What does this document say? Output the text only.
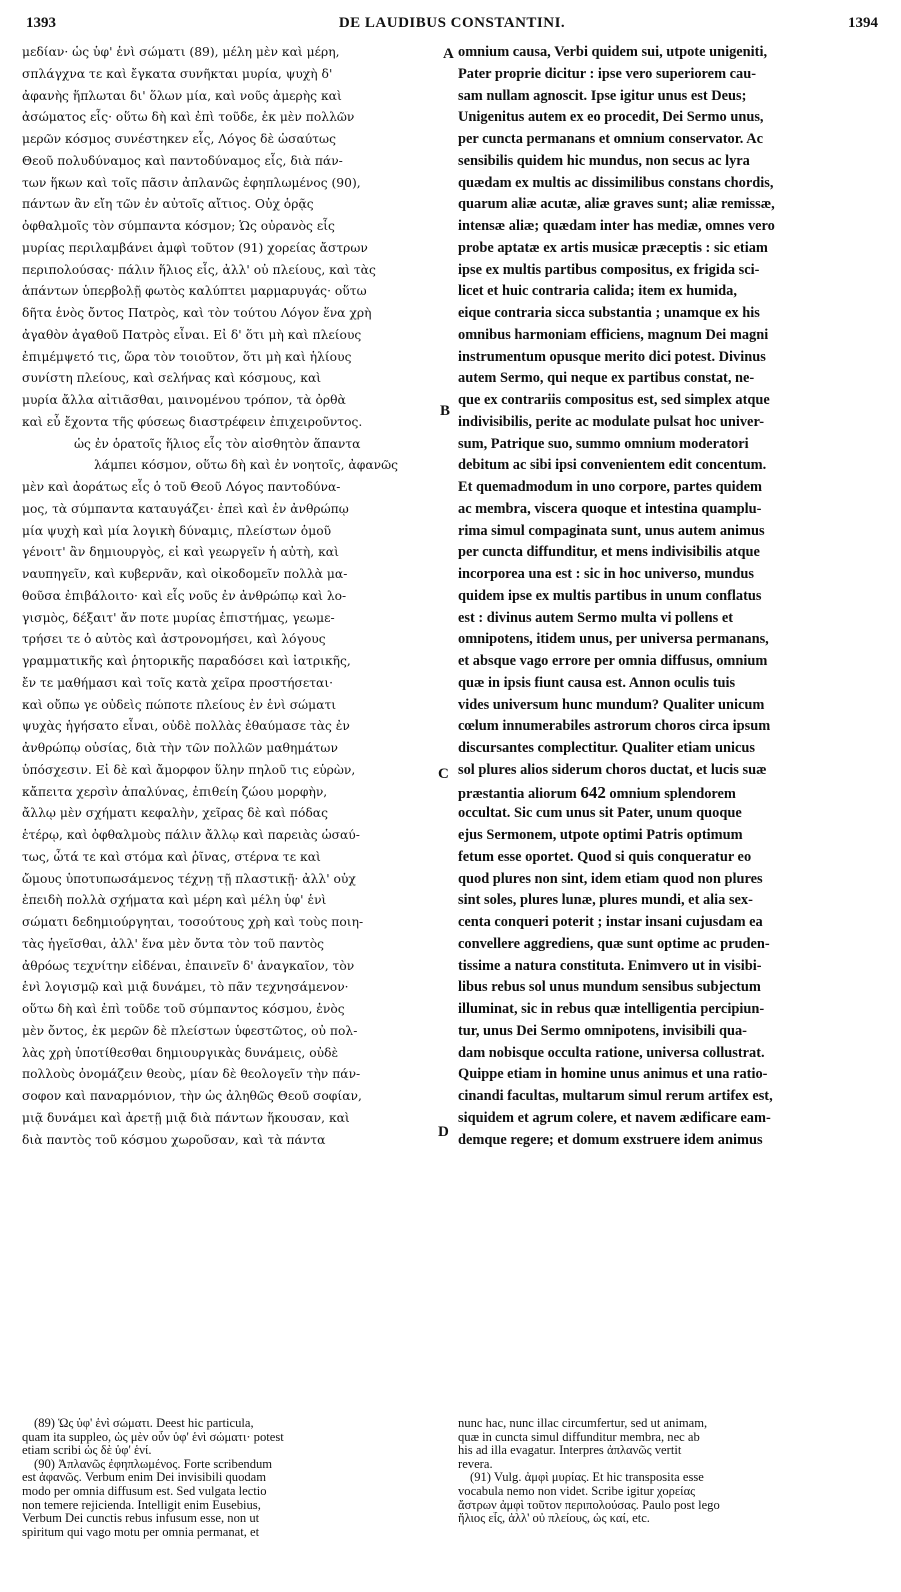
1393	DE LAUDIBUS CONSTANTINI.	1394
μεδίαν· ὡς ὑφ' ἑνὶ σώματι (89), μέλη μὲν καὶ μέρη,
σπλάγχνα τε καὶ ἔγκατα συνῆκται μυρία, ψυχὴ δ'
ἀφανὴς ἥπλωται δι' ὅλων μία, καὶ νοῦς ἀμερὴς καὶ
ἀσώματος εἷς· οὕτω δὴ καὶ ἐπὶ τοῦδε, ἐκ μὲν πολλῶν
μερῶν κόσμος συνέστηκεν εἷς, Λόγος δὲ ὡσαύτως
Θεοῦ πολυδύναμος καὶ παντοδύναμος εἷς, διὰ πάν-
των ἥκων καὶ τοῖς πᾶσιν ἀπλανῶς ἐφηπλωμένος (90),
πάντων ἂν εἴη τῶν ἐν αὐτοῖς αἴτιος. Οὐχ ὁρᾷς
ὀφθαλμοῖς τὸν σύμπαντα κόσμον; Ὡς οὐρανὸς εἷς
μυρίας περιλαμβάνει ἀμφὶ τοῦτον (91) χορείας ἄστρων
περιπολούσας· πάλιν ἥλιος εἷς, ἀλλ' οὐ πλείους, καὶ τὰς
ἁπάντων ὑπερβολῇ φωτὸς καλύπτει μαρμαρυγάς· οὕτω
δῆτα ἑνὸς ὄντος Πατρὸς, καὶ τὸν τούτου Λόγον ἕνα χρὴ
ἀγαθὸν ἀγαθοῦ Πατρὸς εἶναι. Εἰ δ' ὅτι μὴ καὶ πλείους
ἐπιμέμψετό τις, ὥρα τὸν τοιοῦτον, ὅτι μὴ καὶ ἡλίους
συνίστη πλείους, καὶ σελήνας καὶ κόσμους, καὶ
μυρία ἄλλα αἰτιᾶσθαι, μαινομένου τρόπον, τὰ ὀρθὰ
καὶ εὖ ἔχοντα τῆς φύσεως διαστρέφειν ἐπιχειροῦντος.
ὡς ἐν ὁρατοῖς ἥλιος εἷς τὸν αἰσθητὸν ἅπαντα
λάμπει κόσμον, οὕτω δὴ καὶ ἐν νοητοῖς, ἀφανῶς
μὲν καὶ ἀοράτως εἷς ὁ τοῦ Θεοῦ Λόγος παντοδύνα-
μος, τὰ σύμπαντα καταυγάζει· ἐπεὶ καὶ ἐν ἀνθρώπῳ
μία ψυχὴ καὶ μία λογικὴ δύναμις, πλείστων ὁμοῦ
γένοιτ' ἂν δημιουργὸς, εἰ καὶ γεωργεῖν ἡ αὐτὴ, καὶ
ναυπηγεῖν, καὶ κυβερνᾶν, καὶ οἰκοδομεῖν πολλὰ μα-
θοῦσα ἐπιβάλοιτο· καὶ εἷς νοῦς ἐν ἀνθρώπῳ καὶ λο-
γισμὸς, δέξαιτ' ἄν ποτε μυρίας ἐπιστήμας, γεωμε-
τρήσει τε ὁ αὐτὸς καὶ ἀστρονομήσει, καὶ λόγους
γραμματικῆς καὶ ῥητορικῆς παραδόσει καὶ ἰατρικῆς,
ἔν τε μαθήμασι καὶ τοῖς κατὰ χεῖρα προστήσεται·
καὶ οὔπω γε οὐδεὶς πώποτε πλείους ἐν ἑνὶ σώματι
ψυχὰς ἡγήσατο εἶναι, οὐδὲ πολλὰς ἐθαύμασε τὰς ἐν
ἀνθρώπῳ οὐσίας, διὰ τὴν τῶν πολλῶν μαθημάτων
ὑπόσχεσιν. Εἰ δὲ καὶ ἄμορφον ὕλην πηλοῦ τις εὑρὼν,
κἄπειτα χερσὶν ἀπαλύνας, ἐπιθείη ζώου μορφὴν,
ἄλλῳ μὲν σχήματι κεφαλὴν, χεῖρας δὲ καὶ πόδας
ἑτέρῳ, καὶ ὀφθαλμοὺς πάλιν ἄλλῳ καὶ παρειὰς ὡσαύ-
τως, ὦτά τε καὶ στόμα καὶ ῥῖνας, στέρνα τε καὶ
ὤμους ὑποτυπωσάμενος τέχνῃ τῇ πλαστικῇ· ἀλλ' οὐχ
ἐπειδὴ πολλὰ σχήματα καὶ μέρη καὶ μέλη ὑφ' ἑνὶ
σώματι δεδημιούργηται, τοσούτους χρὴ καὶ τοὺς ποιη-
τὰς ἡγεῖσθαι, ἀλλ' ἕνα μὲν ὄντα τὸν τοῦ παντὸς
ἀθρόως τεχνίτην εἰδέναι, ἐπαινεῖν δ' ἀναγκαῖον, τὸν
ἑνὶ λογισμῷ καὶ μιᾷ δυνάμει, τὸ πᾶν τεχνησάμενον·
οὕτω δὴ καὶ ἐπὶ τοῦδε τοῦ σύμπαντος κόσμου, ἑνὸς
μὲν ὄντος, ἐκ μερῶν δὲ πλείστων ὑφεστῶτος, οὐ πολ-
λὰς χρὴ ὑποτίθεσθαι δημιουργικὰς δυνάμεις, οὐδὲ
πολλοὺς ὀνομάζειν θεοὺς, μίαν δὲ θεολογεῖν τὴν πάν-
σοφον καὶ παναρμόνιον, τὴν ὡς ἀληθῶς Θεοῦ σοφίαν,
μιᾷ δυνάμει καὶ ἀρετῇ μιᾷ διὰ πάντων ἥκουσαν, καὶ
διὰ παντὸς τοῦ κόσμου χωροῦσαν, καὶ τὰ πάντα
omnium causa, Verbi quidem sui, utpote unigeniti,
Pater proprie dicitur : ipse vero superiorem cau-
sam nullam agnoscit. Ipse igitur unus est Deus;
Unigenitus autem ex eo procedit, Dei Sermo unus,
per cuncta permanans et omnium conservator. Ac
sensibilis quidem hic mundus, non secus ac lyra
quædam ex multis ac dissimilibus constans chordis,
quarum aliæ acutæ, aliæ graves sunt; aliæ remissæ,
intensæ aliæ; quædam inter has mediæ, omnes vero
probe aptatæ ex artis musicæ præceptis : sic etiam
ipse ex multis partibus compositus, ex frigida sci-
licet et huic contraria calida; item ex humida,
eique contraria sicca substantia ; unamque ex his
omnibus harmoniam efficiens, magnum Dei magni
instrumentum opusque merito dici potest. Divinus
autem Sermo, qui neque ex partibus constat, ne-
que ex contrariis compositus est, sed simplex atque
indivisibilis, perite ac modulate pulsat hoc univer-
sum, Patrique suo, summo omnium moderatori
debitum ac sibi ipsi convenientem edit concentum.
Et quemadmodum in uno corpore, partes quidem
ac membra, viscera quoque et intestina quamplu-
rima simul compaginata sunt, unus autem animus
per cuncta diffunditur, et mens indivisibilis atque
incorporea una est : sic in hoc universo, mundus
quidem ipse ex multis partibus in unum conflatus
est : divinus autem Sermo multa vi pollens et
omnipotens, itidem unus, per universa permanans,
et absque vago errore per omnia diffusus, omnium
quæ in ipsis fiunt causa est. Annon oculis tuis
vides universum hunc mundum? Qualiter unicum
cœlum innumerabiles astrorum choros circa ipsum
discursantes complectitur. Qualiter etiam unicus
sol plures alios siderum choros ductat, et lucis suæ
præstantia aliorum 642 omnium splendorem
occultat. Sic cum unus sit Pater, unum quoque
ejus Sermonem, utpote optimi Patris optimum
fetum esse oportet. Quod si quis conqueratur eo
quod plures non sint, idem etiam quod non plures
sint soles, plures lunæ, plures mundi, et alia sex-
centa conqueri poterit ; instar insani cujusdam ea
convellere aggrediens, quæ sunt optime ac pruden-
tissime a natura constituta. Enimvero ut in visibi-
libus rebus sol unus mundum sensibus subjectum
illuminat, sic in rebus quæ intelligentia percipiun-
tur, unus Dei Sermo omnipotens, invisibili qua-
dam nobisque occulta ratione, universa collustrat.
Quippe etiam in homine unus animus et una ratio-
cinandi facultas, multarum simul rerum artifex est,
siquidem et agrum colere, et navem ædificare eam-
demque regere; et domum exstruere idem animus
A
B
C
D
(89) Ὡς ὑφ' ἑνὶ σώματι. Deest hic particula,
quam ita suppleo, ὡς μὲν οὖν ὑφ' ἑνὶ σώματι· potest
etiam scribi ὡς δὲ ὑφ' ἑνί.
(90) Ἀπλανῶς ἐφηπλωμένος. Forte scribendum
est ἀφανῶς. Verbum enim Dei invisibili quodam
modo per omnia diffusum est. Sed vulgata lectio
non temere rejicienda. Intelligit enim Eusebius,
Verbum Dei cunctis rebus infusum esse, non ut
spiritum qui vago motu per omnia permanat, et
nunc hac, nunc illac circumfertur, sed ut animam,
quæ in cuncta simul diffunditur membra, nec ab
his ad illa evagatur. Interpres ἀπλανῶς vertit
revera.
(91) Vulg. ἀμφὶ μυρίας. Et hic transposita esse
vocabula nemo non videt. Scribe igitur χορείας
ἄστρων ἀμφὶ τοῦτον περιπολούσας. Paulo post lego
ἥλιος εἷς, ἀλλ' οὐ πλείους, ὡς καί, etc.
